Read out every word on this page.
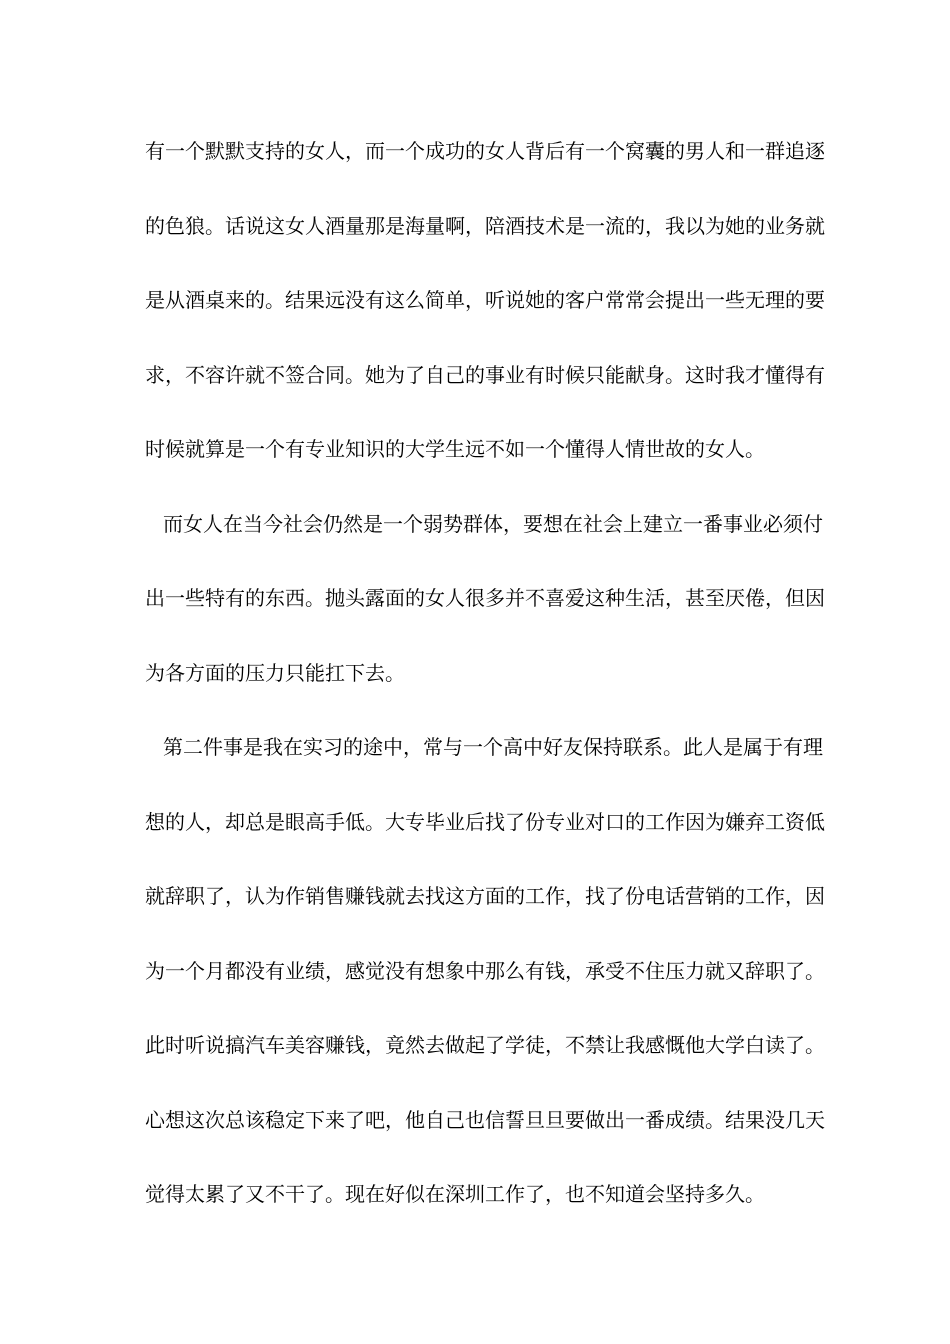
有一个默默支持的女人，而一个成功的女人背后有一个窝囊的男人和一群追逐
的色狼。话说这女人酒量那是海量啊，陪酒技术是一流的，我以为她的业务就
是从酒桌来的。结果远没有这么简单，听说她的客户常常会提出一些无理的要
求，不容许就不签合同。她为了自己的事业有时候只能献身。这时我才懂得有
时候就算是一个有专业知识的大学生远不如一个懂得人情世故的女人。
而女人在当今社会仍然是一个弱势群体，要想在社会上建立一番事业必须付
出一些特有的东西。抛头露面的女人很多并不喜爱这种生活，甚至厌倦，但因
为各方面的压力只能扛下去。
第二件事是我在实习的途中，常与一个高中好友保持联系。此人是属于有理
想的人，却总是眼高手低。大专毕业后找了份专业对口的工作因为嫌弃工资低
就辞职了，认为作销售赚钱就去找这方面的工作，找了份电话营销的工作，因
为一个月都没有业绩，感觉没有想象中那么有钱，承受不住压力就又辞职了。
此时听说搞汽车美容赚钱，竟然去做起了学徒，不禁让我感慨他大学白读了。
心想这次总该稳定下来了吧，他自己也信誓旦旦要做出一番成绩。结果没几天
觉得太累了又不干了。现在好似在深圳工作了，也不知道会坚持多久。
